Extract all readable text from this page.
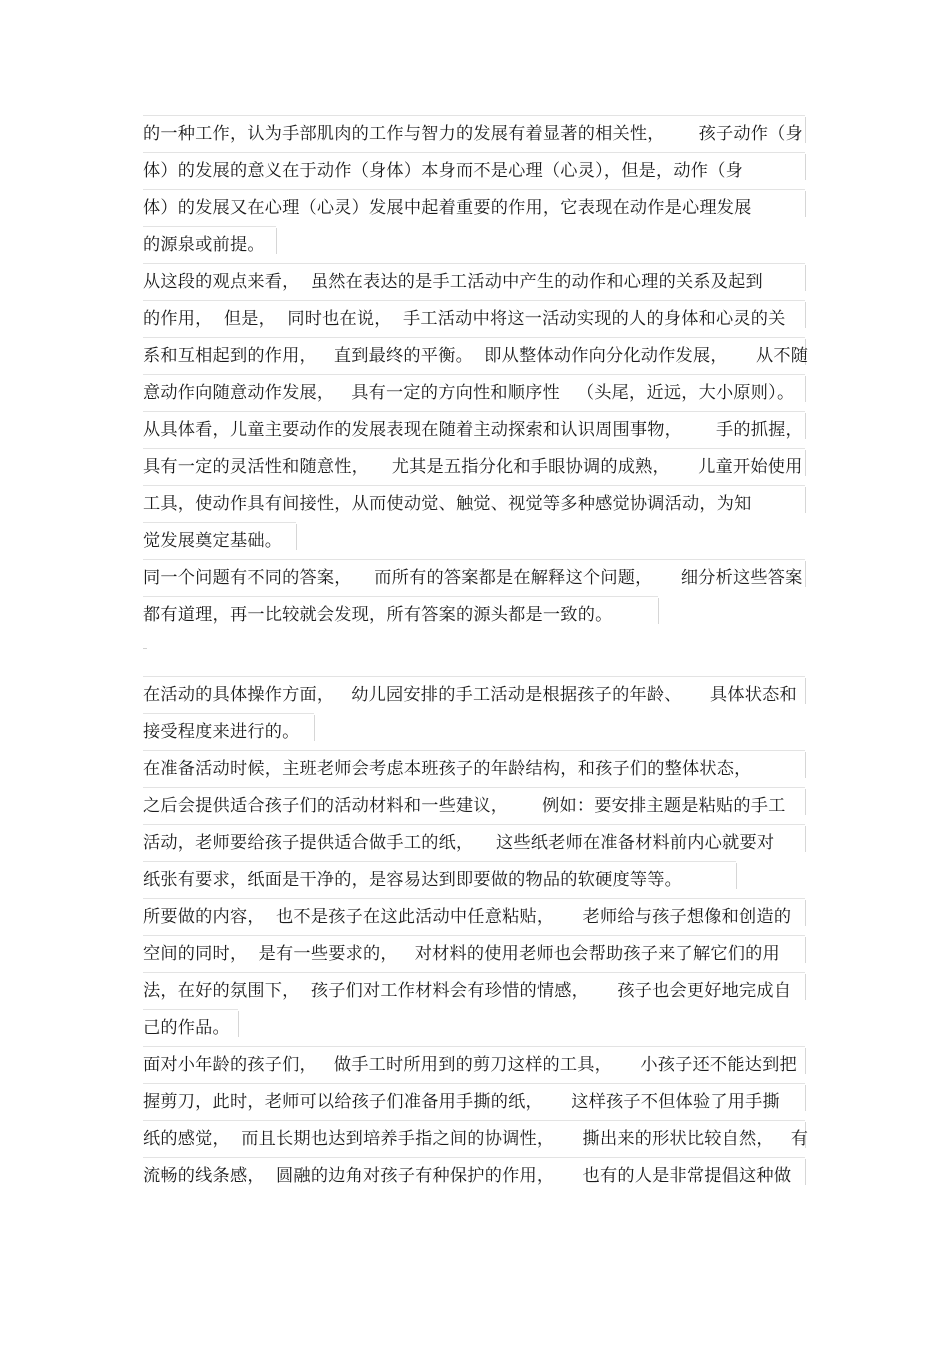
的一种工作，认为手部肌肉的工作与智力的发展有着显著的相关性，      孩子动作（身
体）的发展的意义在于动作（身体）本身而不是心理（心灵），但是，动作（身
体）的发展又在心理（心灵）发展中起着重要的作用，它表现在动作是心理发展
的源泉或前提。
从这段的观点来看，  虽然在表达的是手工活动中产生的动作和心理的关系及起到
的作用，  但是，  同时也在说，  手工活动中将这一活动实现的人的身体和心灵的关
系和互相起到的作用，   直到最终的平衡。  即从整体动作向分化动作发展，     从不随
意动作向随意动作发展，   具有一定的方向性和顺序性   （头尾，近远，大小原则）。
从具体看，儿童主要动作的发展表现在随着主动探索和认识周围事物，      手的抓握，
具有一定的灵活性和随意性，    尤其是五指分化和手眼协调的成熟，     儿童开始使用
工具，使动作具有间接性，从而使动觉、触觉、视觉等多种感觉协调活动，为知
觉发展奠定基础。
同一个问题有不同的答案，    而所有的答案都是在解释这个问题，     细分析这些答案
都有道理，再一比较就会发现，所有答案的源头都是一致的。
在活动的具体操作方面，   幼儿园安排的手工活动是根据孩子的年龄、     具体状态和
接受程度来进行的。
在准备活动时候，主班老师会考虑本班孩子的年龄结构，和孩子们的整体状态，
之后会提供适合孩子们的活动材料和一些建议，      例如：要安排主题是粘贴的手工
活动，老师要给孩子提供适合做手工的纸，    这些纸老师在准备材料前内心就要对
纸张有要求，纸面是干净的，是容易达到即要做的物品的软硬度等等。
所要做的内容，  也不是孩子在这此活动中任意粘贴，     老师给与孩子想像和创造的
空间的同时，  是有一些要求的，   对材料的使用老师也会帮助孩子来了解它们的用
法，在好的氛围下，  孩子们对工作材料会有珍惜的情感，     孩子也会更好地完成自
己的作品。
面对小年龄的孩子们，   做手工时所用到的剪刀这样的工具，     小孩子还不能达到把
握剪刀，此时，老师可以给孩子们准备用手撕的纸，     这样孩子不但体验了用手撕
纸的感觉，  而且长期也达到培养手指之间的协调性，     撕出来的形状比较自然，   有
流畅的线条感，  圆融的边角对孩子有种保护的作用，     也有的人是非常提倡这种做
